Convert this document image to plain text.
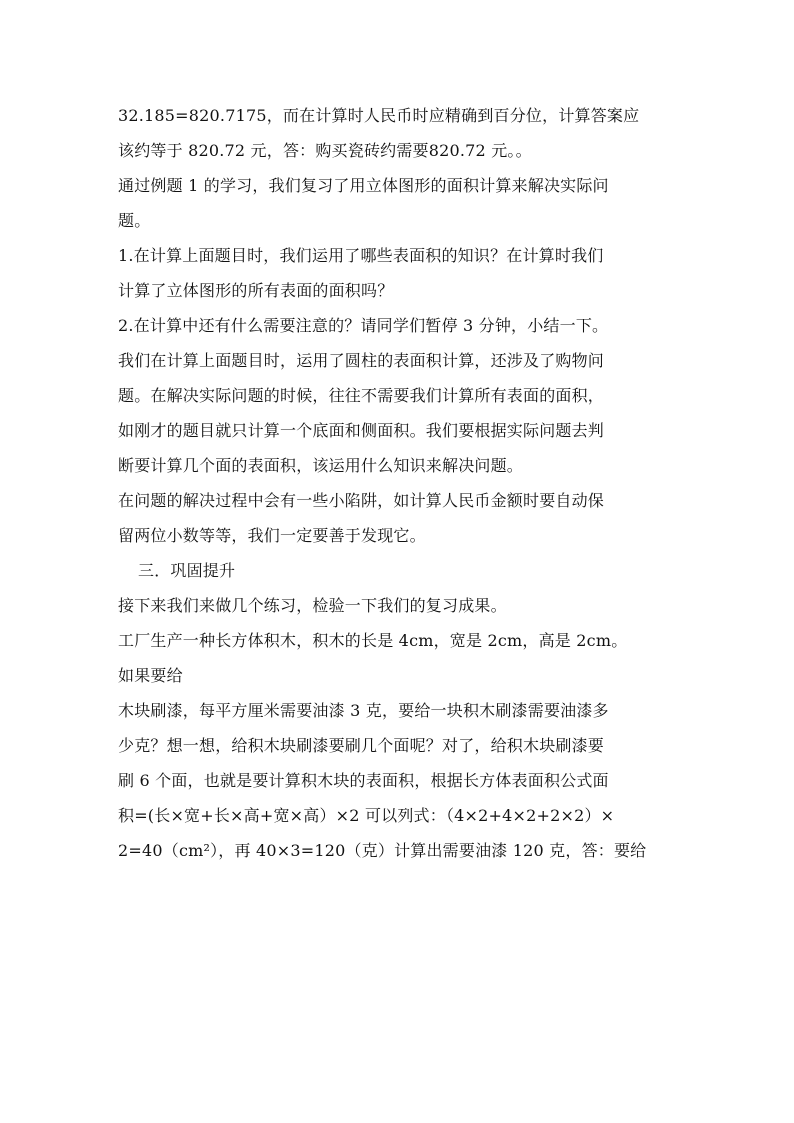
32.185=820.7175，而在计算时人民币时应精确到百分位，计算答案应
该约等于 820.72 元，答：购买瓷砖约需要820.72 元。。
通过例题 1 的学习，我们复习了用立体图形的面积计算来解决实际问
题。
1.在计算上面题目时，我们运用了哪些表面积的知识？在计算时我们
计算了立体图形的所有表面的面积吗？
2.在计算中还有什么需要注意的？请同学们暂停 3 分钟，小结一下。
我们在计算上面题目时，运用了圆柱的表面积计算，还涉及了购物问
题。在解决实际问题的时候，往往不需要我们计算所有表面的面积，
如刚才的题目就只计算一个底面和侧面积。我们要根据实际问题去判
断要计算几个面的表面积，该运用什么知识来解决问题。
在问题的解决过程中会有一些小陷阱，如计算人民币金额时要自动保
留两位小数等等，我们一定要善于发现它。
三．巩固提升
接下来我们来做几个练习，检验一下我们的复习成果。
工厂生产一种长方体积木，积木的长是 4cm，宽是 2cm，高是 2cm。
如果要给
木块刷漆，每平方厘米需要油漆 3 克，要给一块积木刷漆需要油漆多
少克？想一想，给积木块刷漆要刷几个面呢？对了，给积木块刷漆要
刷 6 个面，也就是要计算积木块的表面积，根据长方体表面积公式面
积=(长×宽+长×高+宽×高）×2 可以列式：（4×2+4×2+2×2）×
2=40（cm²），再 40×3=120（克）计算出需要油漆 120 克，答：要给
